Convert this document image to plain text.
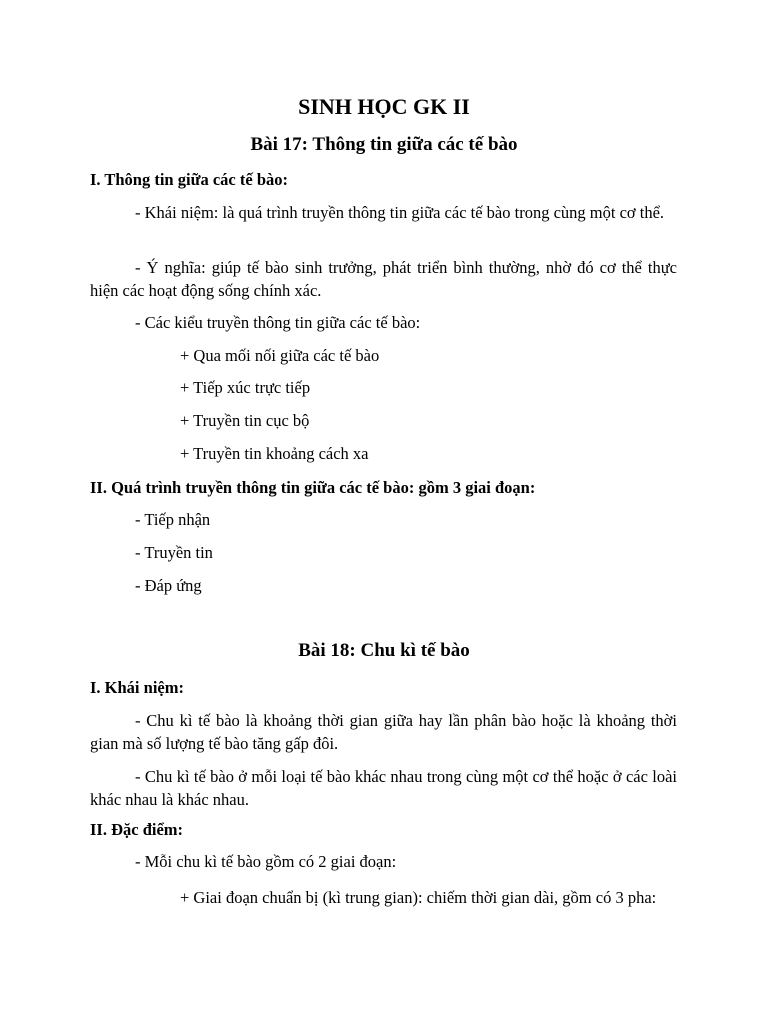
SINH HỌC GK II
Bài 17: Thông tin giữa các tế bào
I. Thông tin giữa các tế bào:
- Khái niệm: là quá trình truyền thông tin giữa các tế bào trong cùng một cơ thể.
- Ý nghĩa: giúp tế bào sinh trưởng, phát triển bình thường, nhờ đó cơ thể thực hiện các hoạt động sống chính xác.
- Các kiểu truyền thông tin giữa các tế bào:
+ Qua mối nối giữa các tế bào
+ Tiếp xúc trực tiếp
+ Truyền tin cục bộ
+ Truyền tin khoảng cách xa
II. Quá trình truyền thông tin giữa các tế bào: gồm 3 giai đoạn:
- Tiếp nhận
- Truyền tin
- Đáp ứng
Bài 18: Chu kì tế bào
I. Khái niệm:
- Chu kì tế bào là khoảng thời gian giữa hay lần phân bào hoặc là khoảng thời gian mà số lượng tế bào tăng gấp đôi.
- Chu kì tế bào ở mỗi loại tế bào khác nhau trong cùng một cơ thể hoặc ở các loài khác nhau là khác nhau.
II. Đặc điểm:
- Mỗi chu kì tế bào gồm có 2 giai đoạn:
+ Giai đoạn chuẩn bị (kì trung gian): chiếm thời gian dài, gồm có 3 pha:
